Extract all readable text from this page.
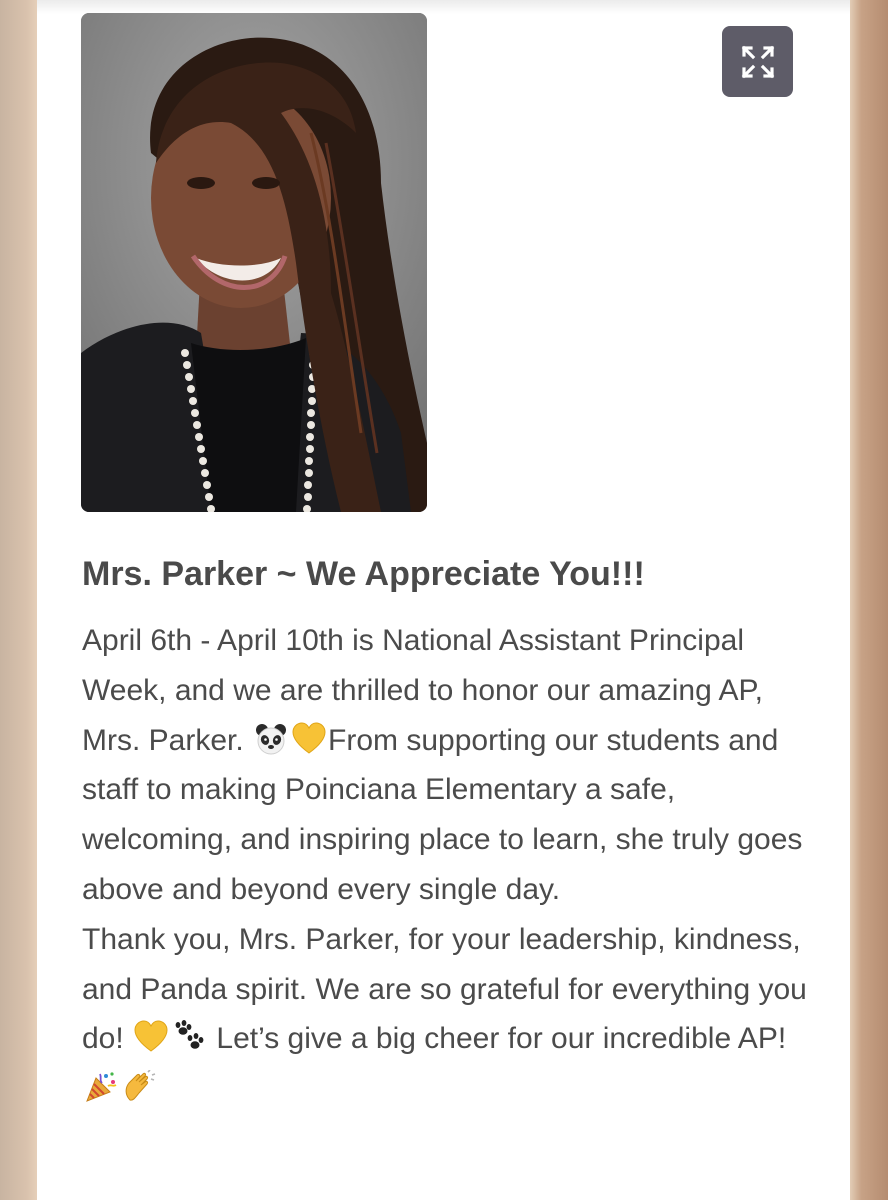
Mrs. Parker ~ We Appreciate You!!!

April 6th - April 10th is National Assistant Principal Week, and we are thrilled to honor our amazing AP, Mrs. Parker.	From supporting our students and staff to making Poinciana Elementary a safe, welcoming, and inspiring place to learn, she truly goes above and beyond every single day.

Thank you, Mrs. Parker, for your leadership, kindness, and Panda spirit. We are so grateful for everything you do!	Let’s give a big cheer for our incredible AP!
